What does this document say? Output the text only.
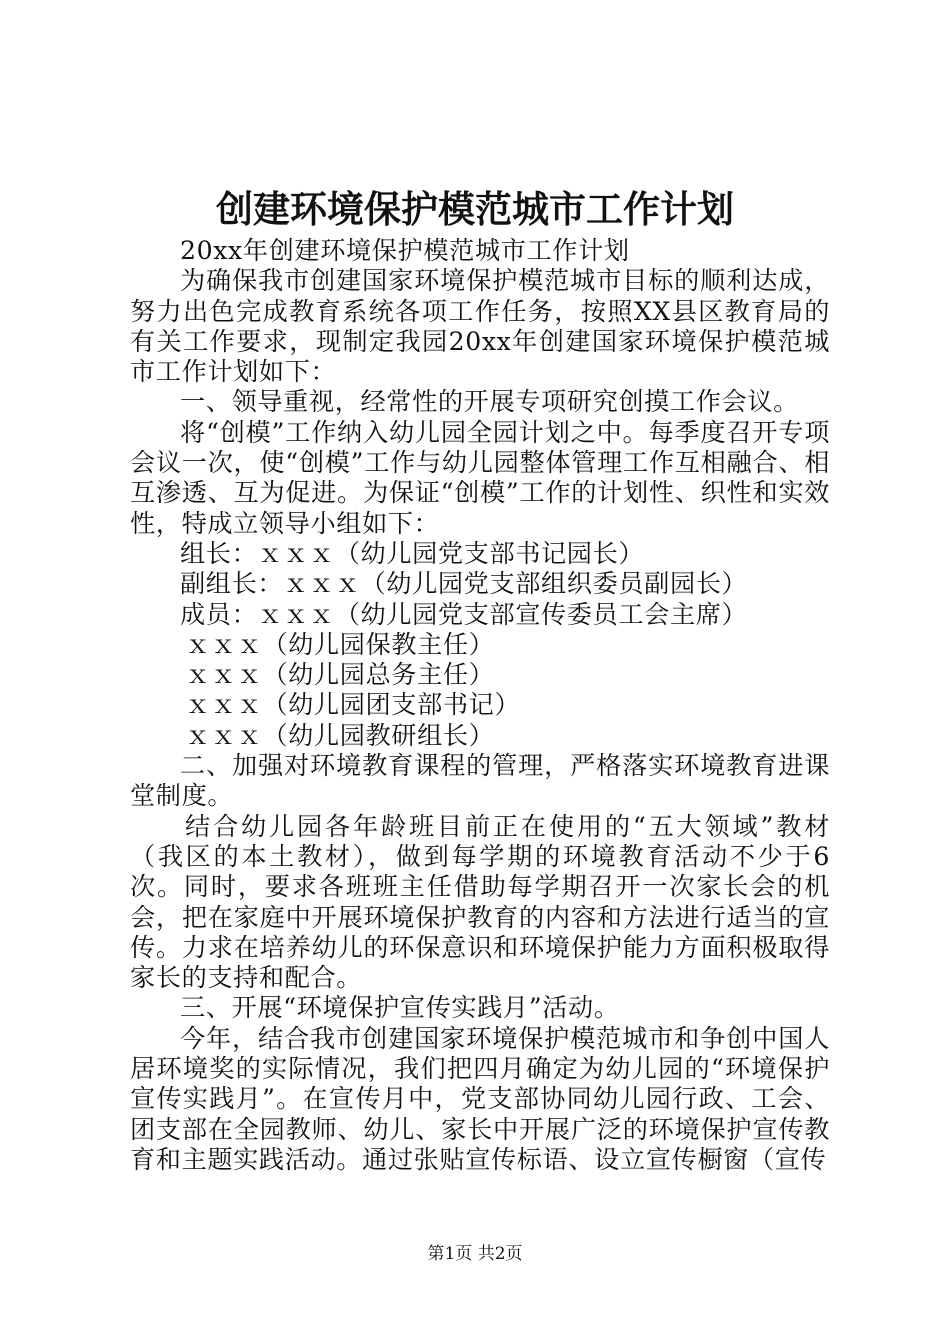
创建环境保护模范城市工作计划

20xx年创建环境保护模范城市工作计划

为确保我市创建国家环境保护模范城市目标的顺利达成，努力出色完成教育系统各项工作任务，按照XX县区教育局的有关工作要求，现制定我园20xx年创建国家环境保护模范城市工作计划如下：

一、领导重视，经常性的开展专项研究创摸工作会议。

将“创模”工作纳入幼儿园全园计划之中。每季度召开专项会议一次，使“创模”工作与幼儿园整体管理工作互相融合、相互渗透、互为促进。为保证“创模”工作的计划性、织性和实效性，特成立领导小组如下：

组长：ｘｘｘ（幼儿园党支部书记园长）

副组长：ｘｘｘ（幼儿园党支部组织委员副园长）

成员：ｘｘｘ（幼儿园党支部宣传委员工会主席）

ｘｘｘ（幼儿园保教主任）

ｘｘｘ（幼儿园总务主任）

ｘｘｘ（幼儿园团支部书记）

ｘｘｘ（幼儿园教研组长）

二、加强对环境教育课程的管理，严格落实环境教育进课堂制度。

结合幼儿园各年龄班目前正在使用的“五大领域”教材（我区的本土教材），做到每学期的环境教育活动不少于6次。同时，要求各班班主任借助每学期召开一次家长会的机会，把在家庭中开展环境保护教育的内容和方法进行适当的宣传。力求在培养幼儿的环保意识和环境保护能力方面积极取得家长的支持和配合。

三、开展“环境保护宣传实践月”活动。

今年，结合我市创建国家环境保护模范城市和争创中国人居环境奖的实际情况，我们把四月确定为幼儿园的“环境保护宣传实践月”。在宣传月中，党支部协同幼儿园行政、工会、团支部在全园教师、幼儿、家长中开展广泛的环境保护宣传教育和主题实践活动。通过张贴宣传标语、设立宣传橱窗（宣传

第1页 共2页
